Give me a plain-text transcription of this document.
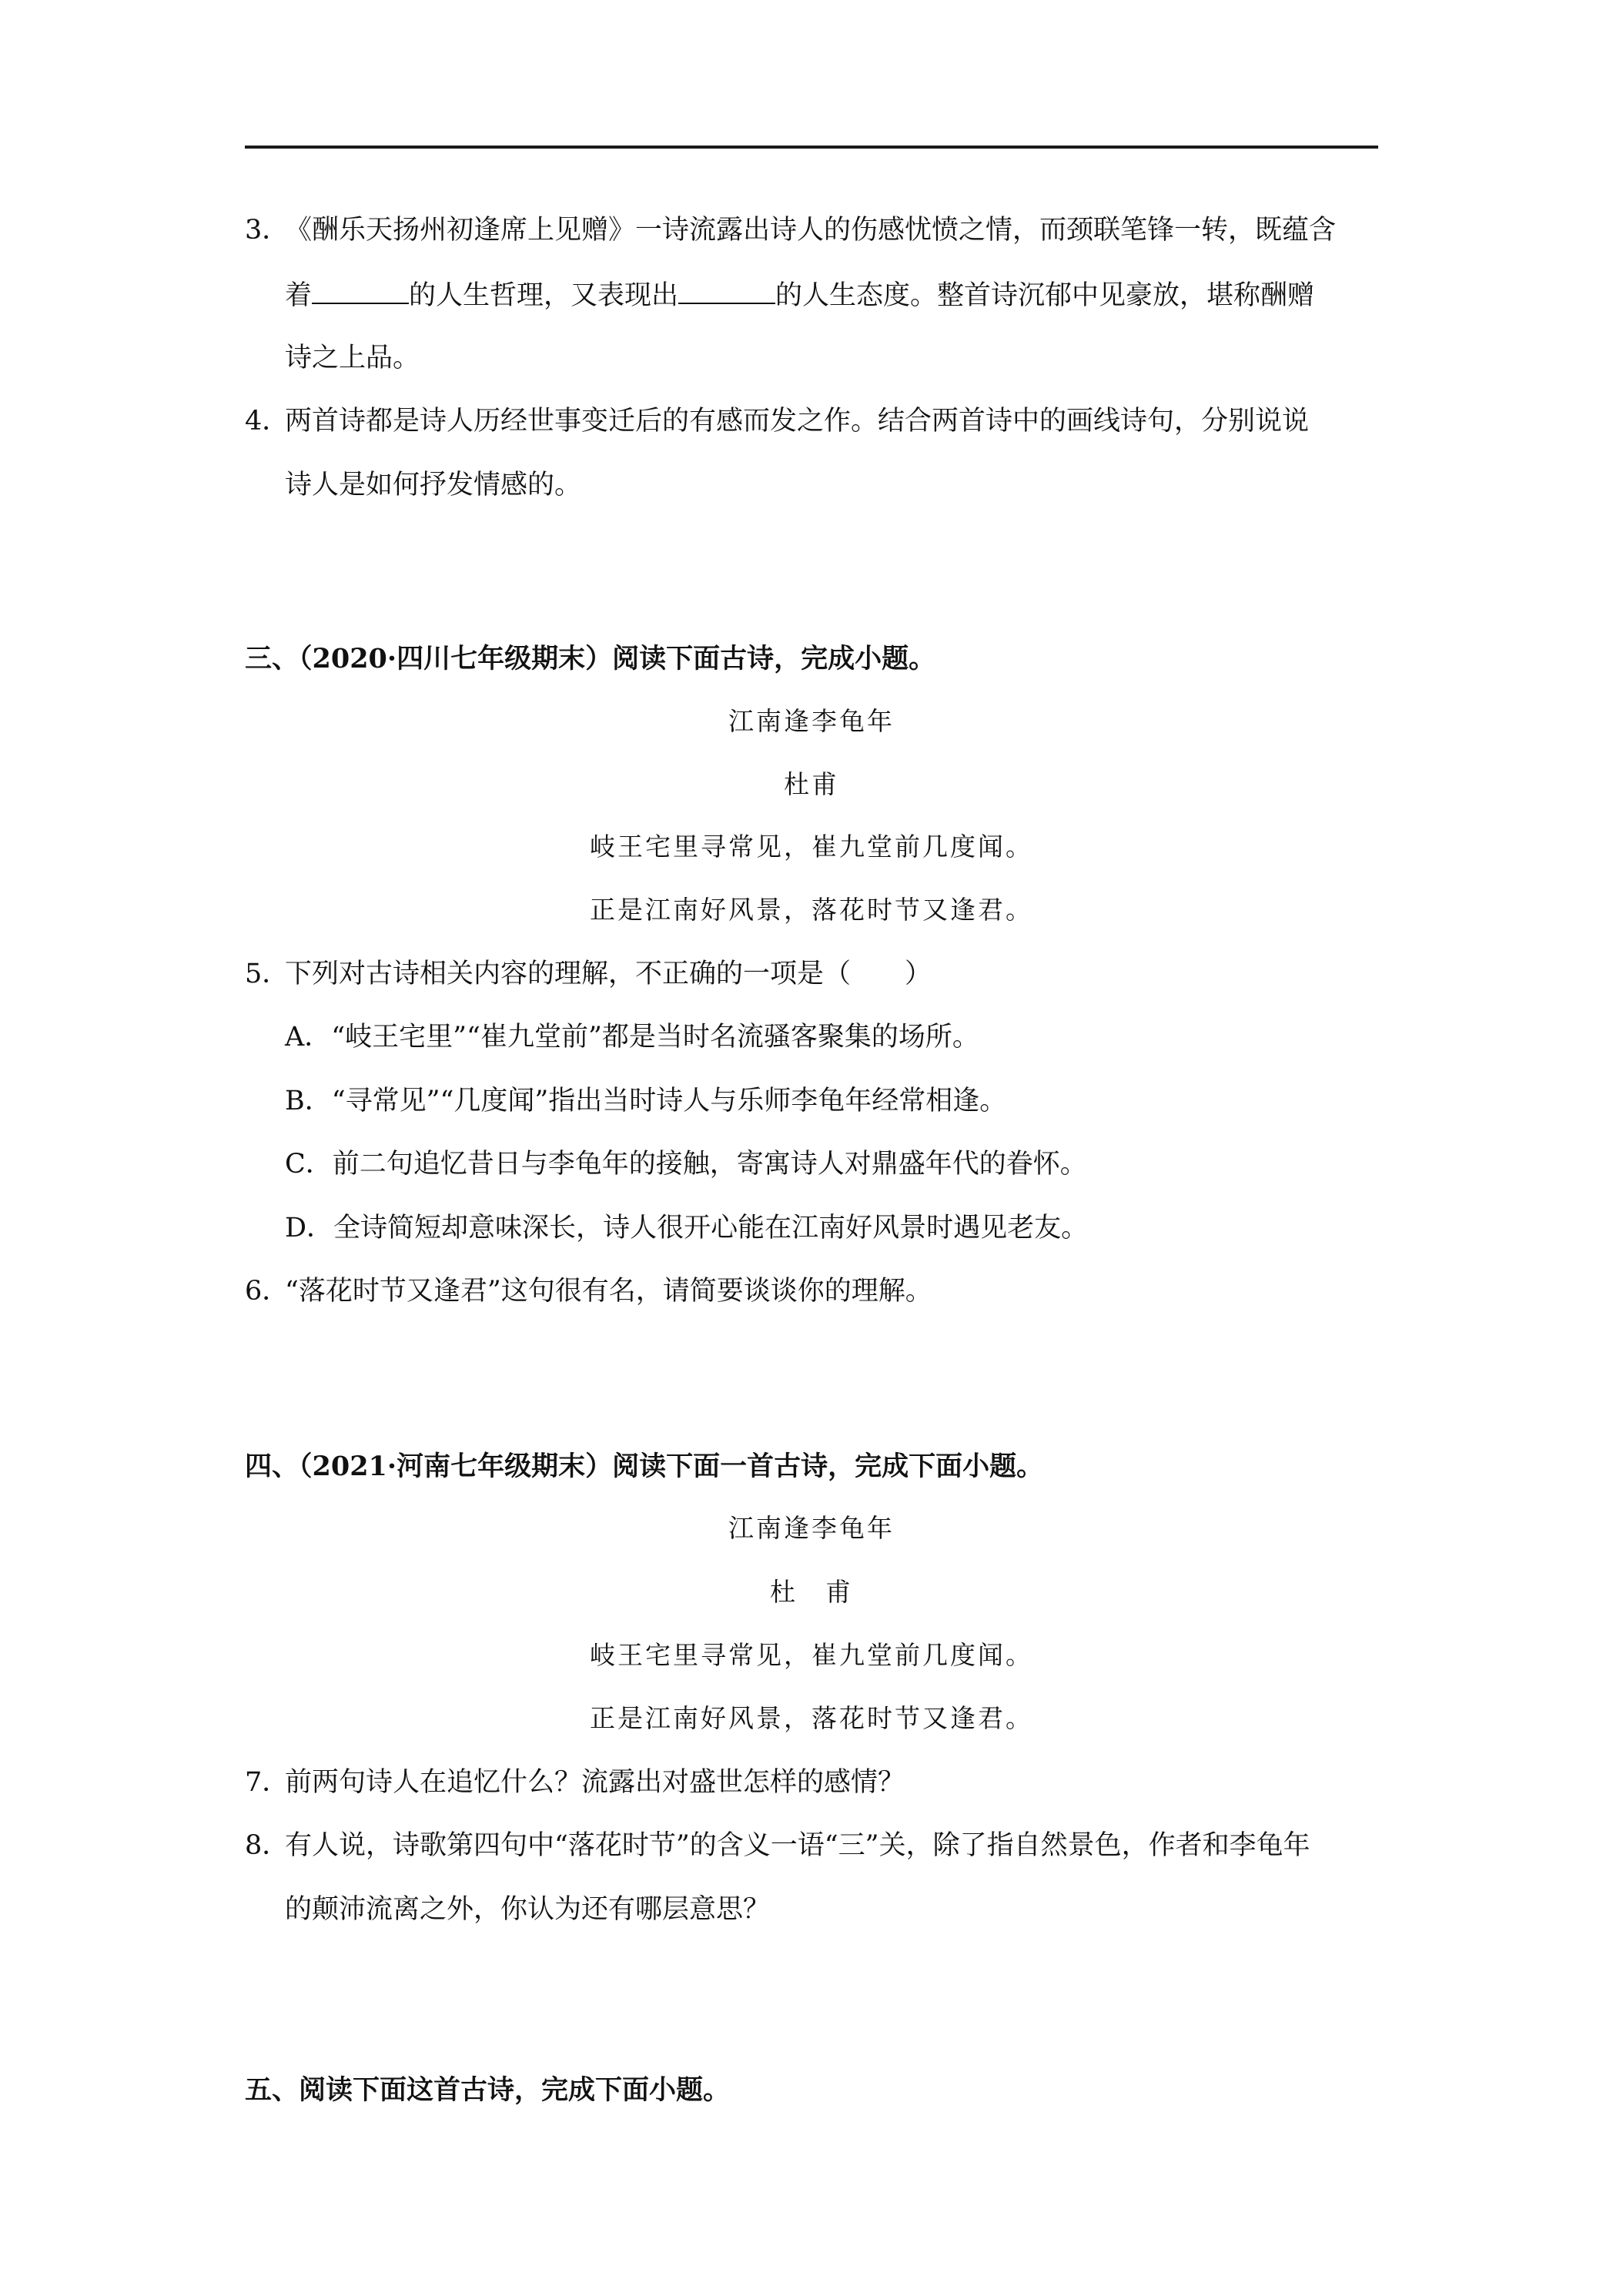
3．
《酬乐天扬州初逢席上见赠》一诗流露出诗人的伤感忧愤之情，而颈联笔锋一转，既蕴含
着	的人生哲理，又表现出	的人生态度。整首诗沉郁中见豪放，堪称酬赠
诗之上品。
4．
两首诗都是诗人历经世事变迁后的有感而发之作。结合两首诗中的画线诗句，分别说说
诗人是如何抒发情感的。
三、（2020·四川七年级期末）阅读下面古诗，完成小题。
江南逢李龟年
杜甫
岐王宅里寻常见，崔九堂前几度闻。
正是江南好风景，落花时节又逢君。
5．
下列对古诗相关内容的理解，不正确的一项是（　　）
A．“岐王宅里”“崔九堂前”都是当时名流骚客聚集的场所。
B．“寻常见”“几度闻”指出当时诗人与乐师李龟年经常相逢。
C．前二句追忆昔日与李龟年的接触，寄寓诗人对鼎盛年代的眷怀。
D．全诗简短却意味深长，诗人很开心能在江南好风景时遇见老友。
6．
“落花时节又逢君”这句很有名，请简要谈谈你的理解。
四、（2021·河南七年级期末）阅读下面一首古诗，完成下面小题。
江南逢李龟年
杜　甫
岐王宅里寻常见，崔九堂前几度闻。
正是江南好风景，落花时节又逢君。
7．
前两句诗人在追忆什么？流露出对盛世怎样的感情？
8．
有人说，诗歌第四句中“落花时节”的含义一语“三”关，除了指自然景色，作者和李龟年
的颠沛流离之外，你认为还有哪层意思？
五、阅读下面这首古诗，完成下面小题。
